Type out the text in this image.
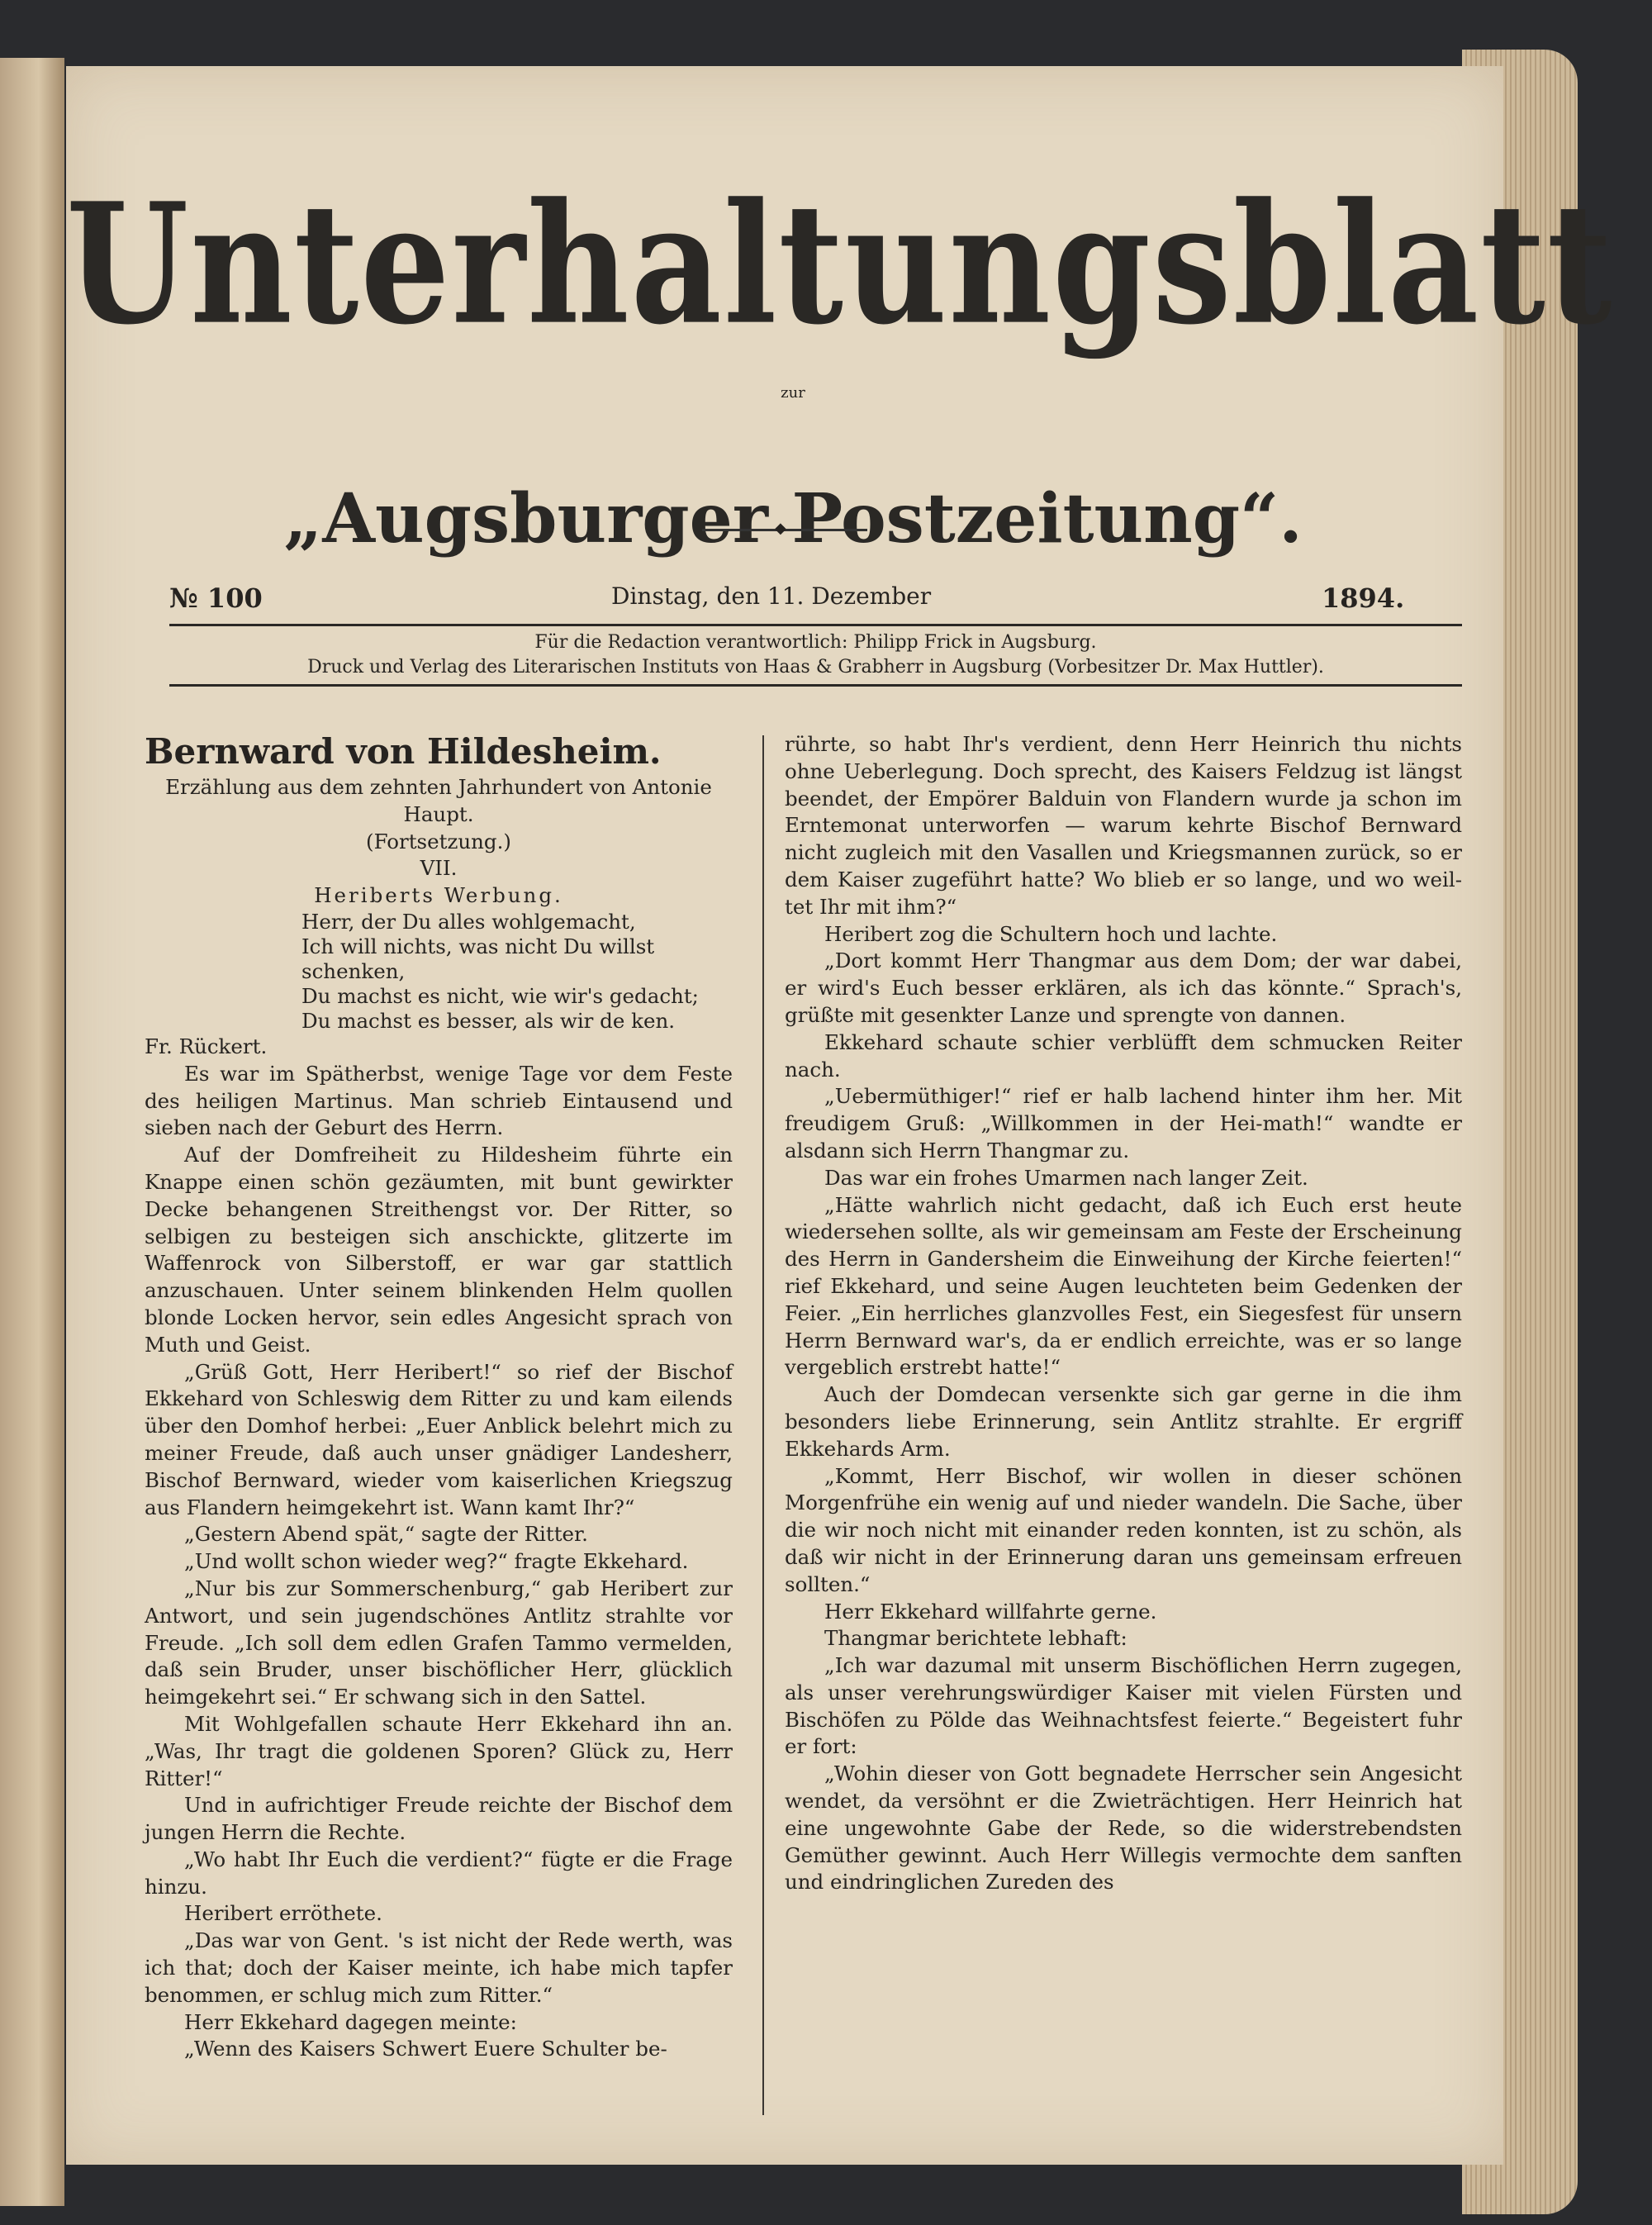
Unterhaltungsblatt
zur
„Augsburger Postzeitung“.
◆
№ 100	Dinstag, den 11. Dezember	1894.
Für die Redaction verantwortlich: Philipp Frick in Augsburg.
Druck und Verlag des Literarischen Instituts von Haas & Grabherr in Augsburg (Vorbesitzer Dr. Max Huttler).

Bernward von Hildesheim.

Erzählung aus dem zehnten Jahrhundert von Antonie Haupt.

(Fortsetzung.)

VII.

Heriberts Werbung.

Herr, der Du alles wohlgemacht,

Ich will nichts, was nicht Du willst schenken,

Du machst es nicht, wie wir's gedacht;

Du machst es besser, als wir de ken.

Fr. Rückert.

Es war im Spätherbst, wenige Tage vor dem Feste des heiligen Martinus. Man schrieb Eintausend und sieben nach der Geburt des Herrn.

Auf der Domfreiheit zu Hildesheim führte ein Knappe einen schön gezäumten, mit bunt gewirkter Decke behangenen Streithengst vor. Der Ritter, so selbigen zu besteigen sich anschickte, glitzerte im Waffenrock von Silberstoff, er war gar stattlich anzuschauen. Unter seinem blinkenden Helm quollen blonde Locken hervor, sein edles Angesicht sprach von Muth und Geist.

„Grüß Gott, Herr Heribert!“ so rief der Bischof Ekkehard von Schleswig dem Ritter zu und kam eilends über den Domhof herbei: „Euer Anblick belehrt mich zu meiner Freude, daß auch unser gnädiger Landesherr, Bischof Bernward, wieder vom kaiserlichen Kriegszug aus Flandern heimgekehrt ist. Wann kamt Ihr?“

„Gestern Abend spät,“ sagte der Ritter.

„Und wollt schon wieder weg?“ fragte Ekkehard.

„Nur bis zur Sommerschenburg,“ gab Heribert zur Antwort, und sein jugendschönes Antlitz strahlte vor Freude. „Ich soll dem edlen Grafen Tammo vermelden, daß sein Bruder, unser bischöflicher Herr, glücklich heimgekehrt sei.“ Er schwang sich in den Sattel.

Mit Wohlgefallen schaute Herr Ekkehard ihn an. „Was, Ihr tragt die goldenen Sporen? Glück zu, Herr Ritter!“

Und in aufrichtiger Freude reichte der Bischof dem jungen Herrn die Rechte.

„Wo habt Ihr Euch die verdient?“ fügte er die Frage hinzu.

Heribert erröthete.

„Das war von Gent. 's ist nicht der Rede werth, was ich that; doch der Kaiser meinte, ich habe mich tapfer benommen, er schlug mich zum Ritter.“

Herr Ekkehard dagegen meinte:

„Wenn des Kaisers Schwert Euere Schulter be-

rührte, so habt Ihr's verdient, denn Herr Heinrich thu nichts ohne Ueberlegung. Doch sprecht, des Kaisers Feldzug ist längst beendet, der Empörer Balduin von Flandern wurde ja schon im Erntemonat unterworfen — warum kehrte Bischof Bernward nicht zugleich mit den Vasallen und Kriegsmannen zurück, so er dem Kaiser zugeführt hatte? Wo blieb er so lange, und wo weil-tet Ihr mit ihm?“

Heribert zog die Schultern hoch und lachte.

„Dort kommt Herr Thangmar aus dem Dom; der war dabei, er wird's Euch besser erklären, als ich das könnte.“ Sprach's, grüßte mit gesenkter Lanze und sprengte von dannen.

Ekkehard schaute schier verblüfft dem schmucken Reiter nach.

„Uebermüthiger!“ rief er halb lachend hinter ihm her. Mit freudigem Gruß: „Willkommen in der Hei-math!“ wandte er alsdann sich Herrn Thangmar zu.

Das war ein frohes Umarmen nach langer Zeit.

„Hätte wahrlich nicht gedacht, daß ich Euch erst heute wiedersehen sollte, als wir gemeinsam am Feste der Erscheinung des Herrn in Gandersheim die Einweihung der Kirche feierten!“ rief Ekkehard, und seine Augen leuchteten beim Gedenken der Feier. „Ein herrliches glanzvolles Fest, ein Siegesfest für unsern Herrn Bernward war's, da er endlich erreichte, was er so lange vergeblich erstrebt hatte!“

Auch der Domdecan versenkte sich gar gerne in die ihm besonders liebe Erinnerung, sein Antlitz strahlte. Er ergriff Ekkehards Arm.

„Kommt, Herr Bischof, wir wollen in dieser schönen Morgenfrühe ein wenig auf und nieder wandeln. Die Sache, über die wir noch nicht mit einander reden konnten, ist zu schön, als daß wir nicht in der Erinnerung daran uns gemeinsam erfreuen sollten.“

Herr Ekkehard willfahrte gerne.

Thangmar berichtete lebhaft:

„Ich war dazumal mit unserm Bischöflichen Herrn zugegen, als unser verehrungswürdiger Kaiser mit vielen Fürsten und Bischöfen zu Pölde das Weihnachtsfest feierte.“ Begeistert fuhr er fort:

„Wohin dieser von Gott begnadete Herrscher sein Angesicht wendet, da versöhnt er die Zwieträchtigen. Herr Heinrich hat eine ungewohnte Gabe der Rede, so die widerstrebendsten Gemüther gewinnt. Auch Herr Willegis vermochte dem sanften und eindringlichen Zureden des
